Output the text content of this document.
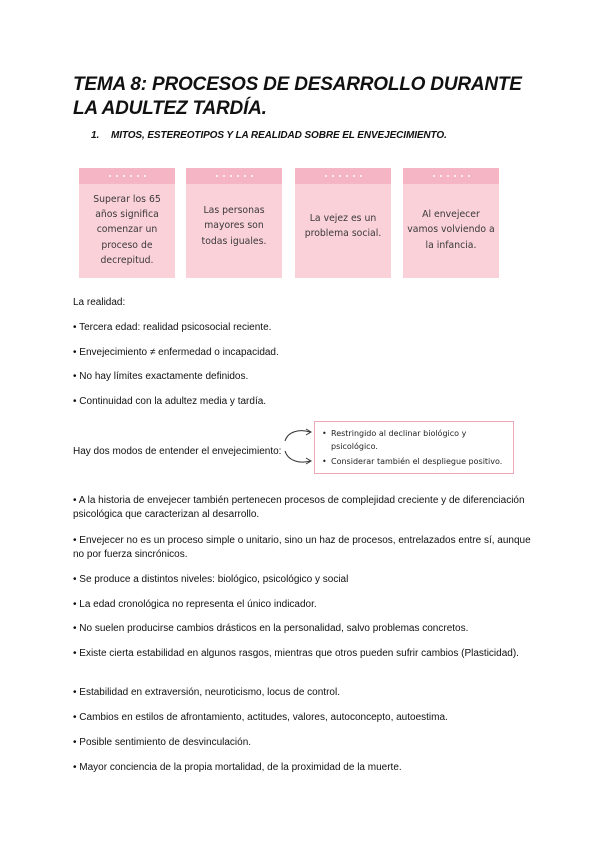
TEMA 8: PROCESOS DE DESARROLLO DURANTE LA ADULTEZ TARDÍA.

1. MITOS, ESTEREOTIPOS Y LA REALIDAD SOBRE EL ENVEJECIMIENTO.

Superar los 65 años significa comenzar un proceso de decrepitud.
Las personas mayores son todas iguales.
La vejez es un problema social.
Al envejecer vamos volviendo a la infancia.

La realidad:

• Tercera edad: realidad psicosocial reciente.

• Envejecimiento ≠ enfermedad o incapacidad.

• No hay límites exactamente definidos.

• Continuidad con la adultez media y tardía.

Hay dos modos de entender el envejecimiento:

• Restringido al declinar biológico y psicológico.
• Considerar también el despliegue positivo.

• A la historia de envejecer también pertenecen procesos de complejidad creciente y de diferenciación psicológica que caracterizan al desarrollo.

• Envejecer no es un proceso simple o unitario, sino un haz de procesos, entrelazados entre sí, aunque no por fuerza sincrónicos.

• Se produce a distintos niveles: biológico, psicológico y social

• La edad cronológica no representa el único indicador.

• No suelen producirse cambios drásticos en la personalidad, salvo problemas concretos.

• Existe cierta estabilidad en algunos rasgos, mientras que otros pueden sufrir cambios (Plasticidad).

• Estabilidad en extraversión, neuroticismo, locus de control.

• Cambios en estilos de afrontamiento, actitudes, valores, autoconcepto, autoestima.

• Posible sentimiento de desvinculación.

• Mayor conciencia de la propia mortalidad, de la proximidad de la muerte.
